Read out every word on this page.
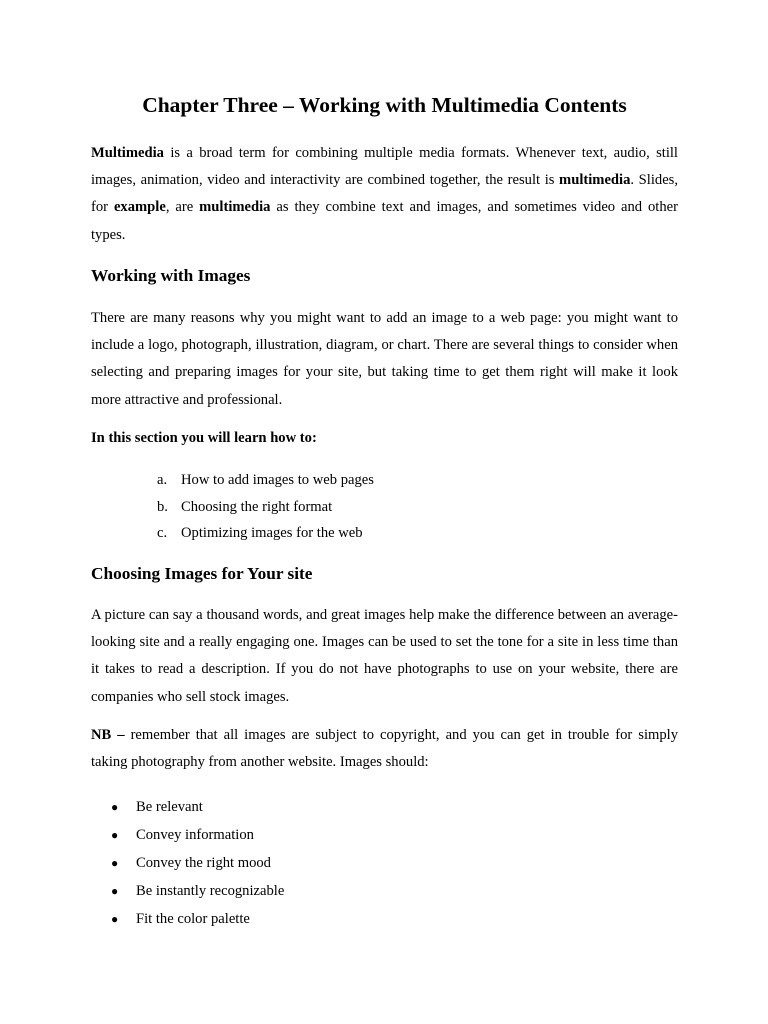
Chapter Three – Working with Multimedia Contents

Multimedia is a broad term for combining multiple media formats. Whenever text, audio, still images, animation, video and interactivity are combined together, the result is multimedia. Slides, for example, are multimedia as they combine text and images, and sometimes video and other types.

Working with Images

There are many reasons why you might want to add an image to a web page: you might want to include a logo, photograph, illustration, diagram, or chart. There are several things to consider when selecting and preparing images for your site, but taking time to get them right will make it look more attractive and professional.

In this section you will learn how to:

a. How to add images to web pages
b. Choosing the right format
c. Optimizing images for the web
Choosing Images for Your site

A picture can say a thousand words, and great images help make the difference between an average-looking site and a really engaging one. Images can be used to set the tone for a site in less time than it takes to read a description. If you do not have photographs to use on your website, there are companies who sell stock images.

NB – remember that all images are subject to copyright, and you can get in trouble for simply taking photography from another website. Images should:

● Be relevant
● Convey information
● Convey the right mood
● Be instantly recognizable
● Fit the color palette
